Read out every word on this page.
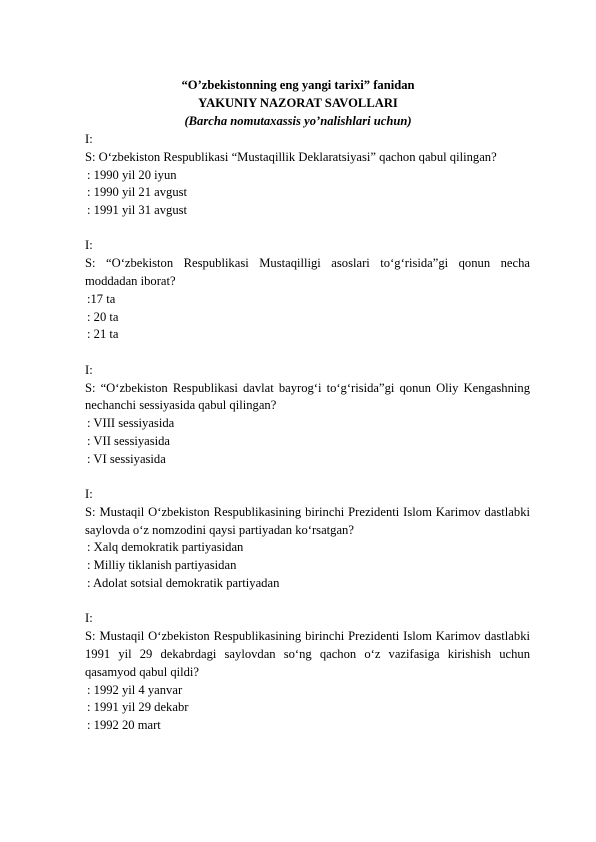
“O’zbekistonning eng yangi tarixi” fanidan
YAKUNIY NAZORAT SAVOLLARI
(Barcha nomutaxassis yo’nalishlari uchun)
I:
S: O‘zbekiston Respublikasi “Mustaqillik Deklaratsiyasi” qachon qabul qilingan?
: 1990 yil 20 iyun
: 1990 yil 21 avgust
: 1991 yil 31 avgust
I:
S: “O‘zbekiston Respublikasi Mustaqilligi asoslari to‘g‘risida”gi qonun necha moddadan iborat?
:17 ta
: 20 ta
: 21 ta
I:
S: “O‘zbekiston Respublikasi davlat bayrog‘i to‘g‘risida”gi qonun Oliy Kengashning nechanchi sessiyasida qabul qilingan?
: VIII sessiyasida
: VII sessiyasida
: VI sessiyasida
I:
S: Mustaqil O‘zbekiston Respublikasining birinchi Prezidenti Islom Karimov dastlabki saylovda o‘z nomzodini qaysi partiyadan ko‘rsatgan?
: Xalq demokratik partiyasidan
: Milliy tiklanish partiyasidan
: Adolat sotsial demokratik partiyadan
I:
S: Mustaqil O‘zbekiston Respublikasining birinchi Prezidenti Islom Karimov dastlabki 1991 yil 29 dekabrdagi saylovdan so‘ng qachon o‘z vazifasiga kirishish uchun qasamyod qabul qildi?
: 1992 yil 4 yanvar
: 1991 yil 29 dekabr
: 1992 20 mart
